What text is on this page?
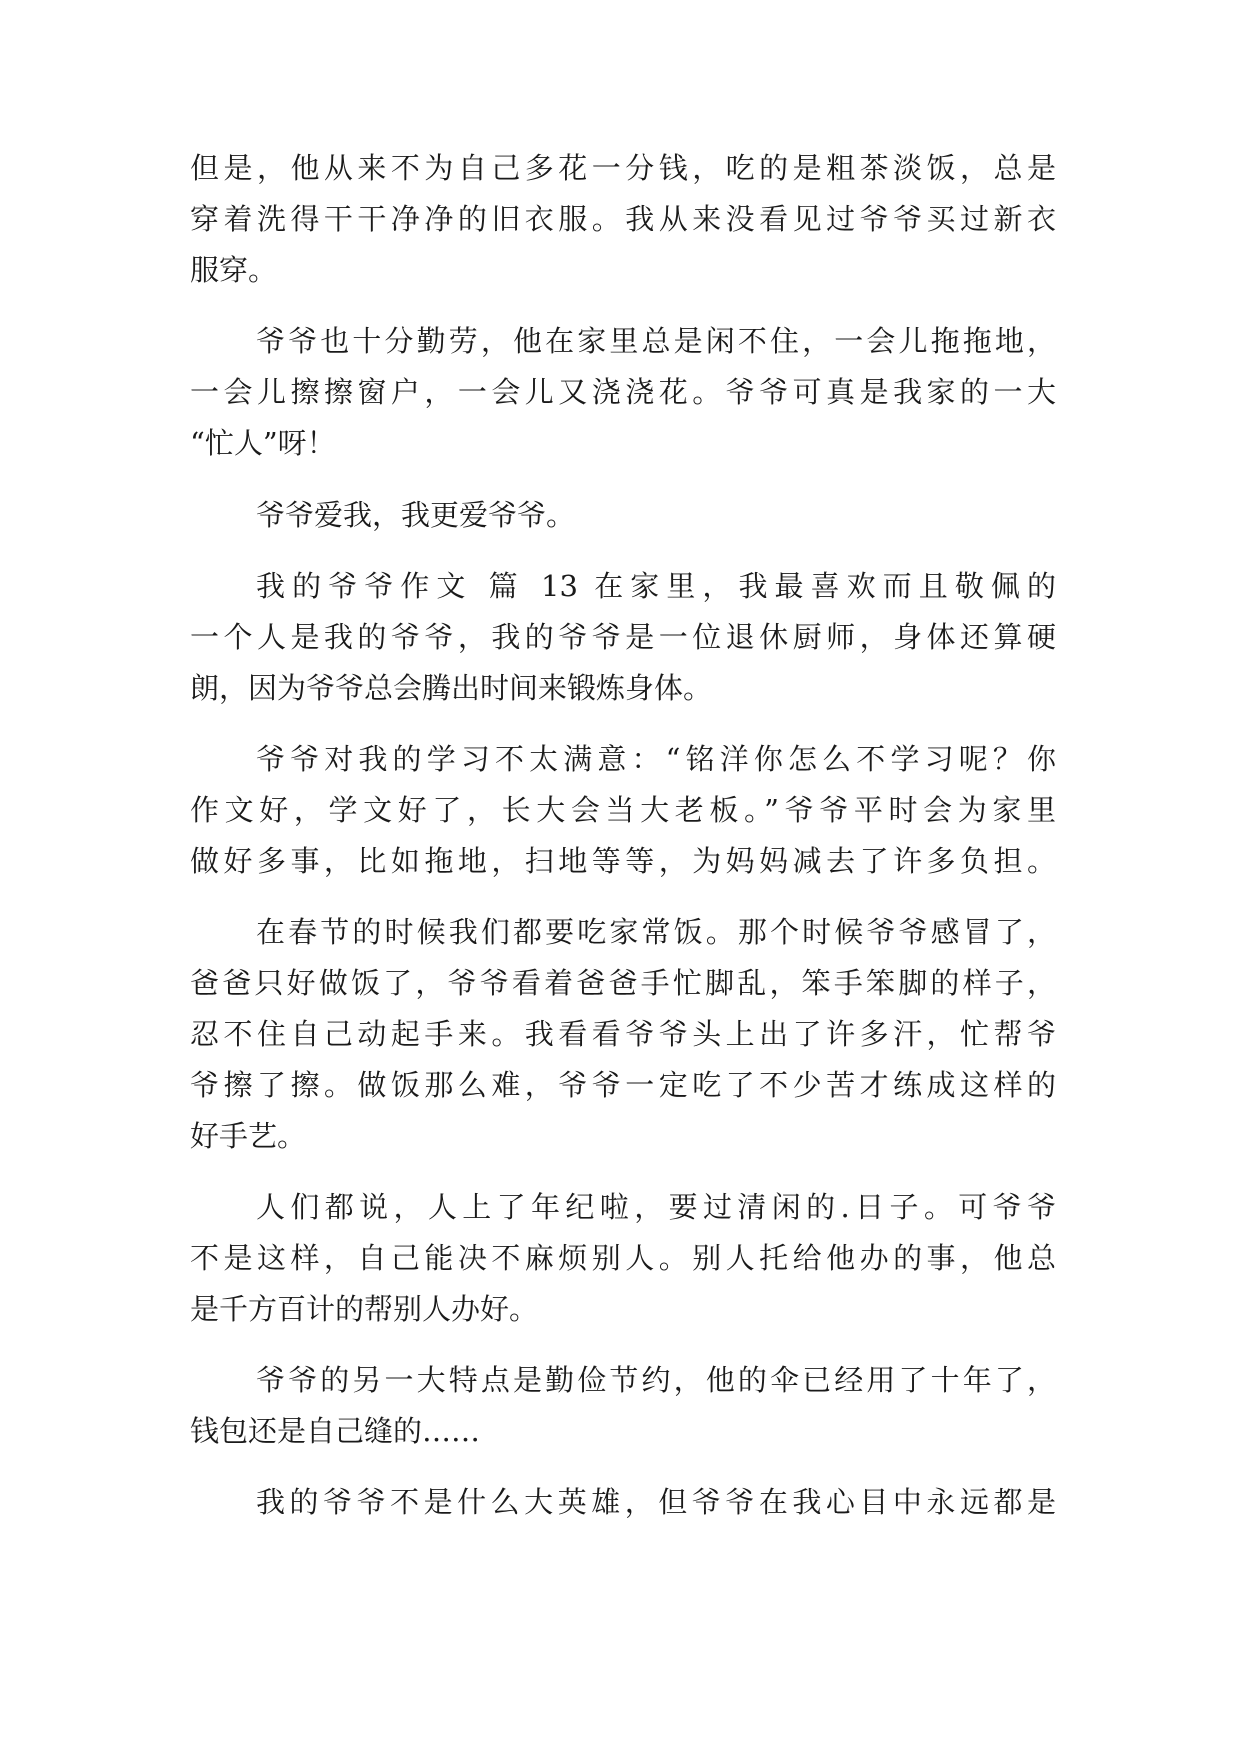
但是，他从来不为自己多花一分钱，吃的是粗茶淡饭，总是
穿着洗得干干净净的旧衣服。我从来没看见过爷爷买过新衣
服穿。
爷爷也十分勤劳，他在家里总是闲不住，一会儿拖拖地，
一会儿擦擦窗户，一会儿又浇浇花。爷爷可真是我家的一大
“忙人”呀！
爷爷爱我，我更爱爷爷。
我的爷爷作文 篇 13 在家里，我最喜欢而且敬佩的
一个人是我的爷爷，我的爷爷是一位退休厨师，身体还算硬
朗，因为爷爷总会腾出时间来锻炼身体。
爷爷对我的学习不太满意：“铭洋你怎么不学习呢？你
作文好，学文好了，长大会当大老板。”爷爷平时会为家里
做好多事，比如拖地，扫地等等，为妈妈减去了许多负担。
在春节的时候我们都要吃家常饭。那个时候爷爷感冒了，
爸爸只好做饭了，爷爷看着爸爸手忙脚乱，笨手笨脚的样子，
忍不住自己动起手来。我看看爷爷头上出了许多汗，忙帮爷
爷擦了擦。做饭那么难，爷爷一定吃了不少苦才练成这样的
好手艺。
人们都说，人上了年纪啦，要过清闲的.日子。可爷爷
不是这样，自己能决不麻烦别人。别人托给他办的事，他总
是千方百计的帮别人办好。
爷爷的另一大特点是勤俭节约，他的伞已经用了十年了，
钱包还是自己缝的……
我的爷爷不是什么大英雄，但爷爷在我心目中永远都是
